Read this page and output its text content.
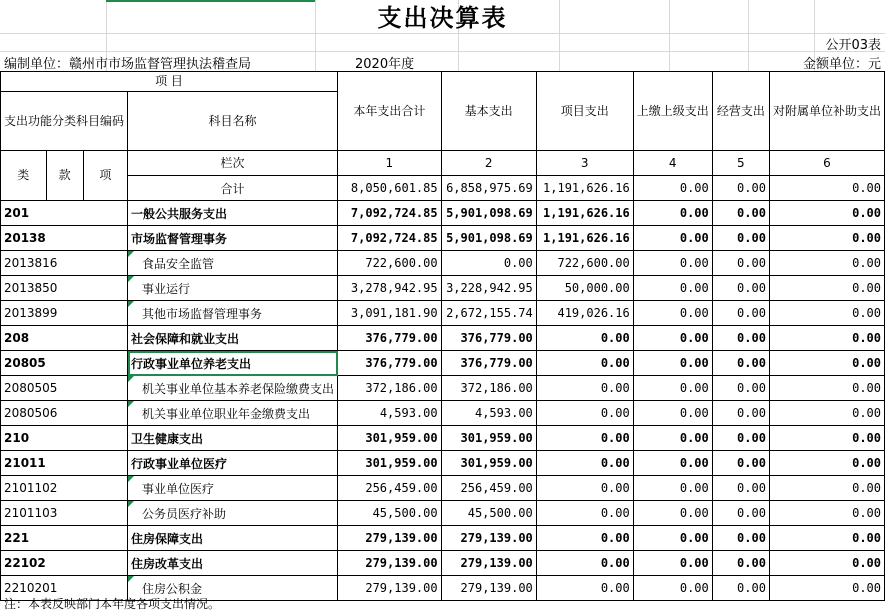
支出决算表
公开03表
编制单位：赣州市市场监督管理执法稽查局	2020年度	金额单位：元
项 目				本年支出合计	基本支出	项目支出	上缴上级支出	经营支出	对附属单位补助支出
支出功能分类科目编码			科目名称						
类	款	项	栏次	1	2	3	4	5	6
			合计	8,050,601.85	6,858,975.69	1,191,626.16	0.00	0.00	0.00
201			一般公共服务支出	7,092,724.85	5,901,098.69	1,191,626.16	0.00	0.00	0.00
20138			市场监督管理事务	7,092,724.85	5,901,098.69	1,191,626.16	0.00	0.00	0.00
2013816			食品安全监管	722,600.00	0.00	722,600.00	0.00	0.00	0.00
2013850			事业运行	3,278,942.95	3,228,942.95	50,000.00	0.00	0.00	0.00
2013899			其他市场监督管理事务	3,091,181.90	2,672,155.74	419,026.16	0.00	0.00	0.00
208			社会保障和就业支出	376,779.00	376,779.00	0.00	0.00	0.00	0.00
20805			行政事业单位养老支出	376,779.00	376,779.00	0.00	0.00	0.00	0.00
2080505			机关事业单位基本养老保险缴费支出	372,186.00	372,186.00	0.00	0.00	0.00	0.00
2080506			机关事业单位职业年金缴费支出	4,593.00	4,593.00	0.00	0.00	0.00	0.00
210			卫生健康支出	301,959.00	301,959.00	0.00	0.00	0.00	0.00
21011			行政事业单位医疗	301,959.00	301,959.00	0.00	0.00	0.00	0.00
2101102			事业单位医疗	256,459.00	256,459.00	0.00	0.00	0.00	0.00
2101103			公务员医疗补助	45,500.00	45,500.00	0.00	0.00	0.00	0.00
221			住房保障支出	279,139.00	279,139.00	0.00	0.00	0.00	0.00
22102			住房改革支出	279,139.00	279,139.00	0.00	0.00	0.00	0.00
2210201			住房公积金	279,139.00	279,139.00	0.00	0.00	0.00	0.00
注：本表反映部门本年度各项支出情况。
